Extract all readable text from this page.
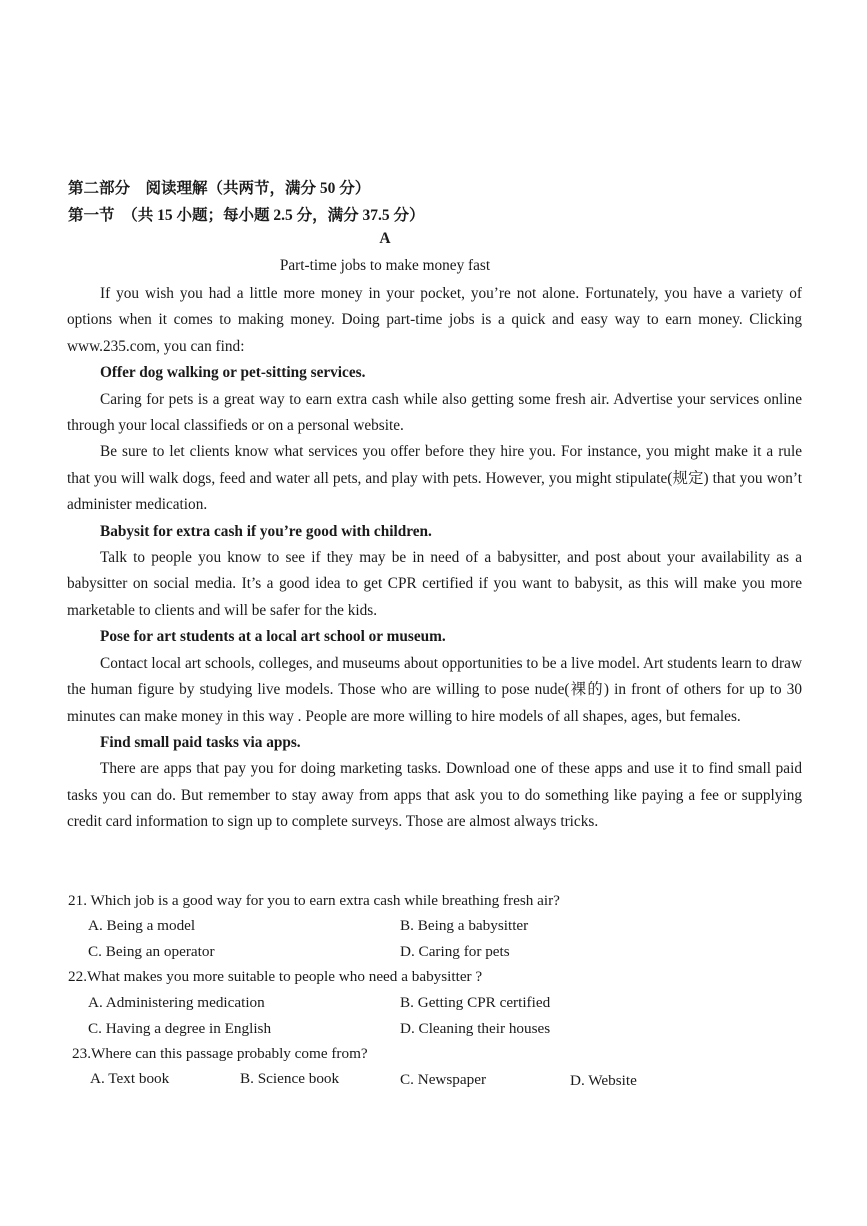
第二部分　阅读理解（共两节，满分 50 分）
第一节　（共 15 小题；每小题 2.5 分，满分 37.5 分）
A
Part-time jobs to make money fast

If you wish you had a little more money in your pocket, you’re not alone. Fortunately, you have a variety of options when it comes to making money. Doing part-time jobs is a quick and easy way to earn money. Clicking www.235.com, you can find:

Offer dog walking or pet-sitting services.

Caring for pets is a great way to earn extra cash while also getting some fresh air. Advertise your services online through your local classifieds or on a personal website.

Be sure to let clients know what services you offer before they hire you. For instance, you might make it a rule that you will walk dogs, feed and water all pets, and play with pets. However, you might stipulate(规定) that you won’t administer medication.

Babysit for extra cash if you’re good with children.

Talk to people you know to see if they may be in need of a babysitter, and post about your availability as a babysitter on social media. It’s a good idea to get CPR certified if you want to babysit, as this will make you more marketable to clients and will be safer for the kids.

Pose for art students at a local art school or museum.

Contact local art schools, colleges, and museums about opportunities to be a live model. Art students learn to draw the human figure by studying live models. Those who are willing to pose nude(裸的) in front of others for up to 30 minutes can make money in this way . People are more willing to hire models of all shapes, ages, but females.

Find small paid tasks via apps.

There are apps that pay you for doing marketing tasks. Download one of these apps and use it to find small paid tasks you can do. But remember to stay away from apps that ask you to do something like paying a fee or supplying credit card information to sign up to complete surveys. Those are almost always tricks.

21. Which job is a good way for you to earn extra cash while breathing fresh air?
A. Being a model	B. Being a babysitter
C. Being an operator	D. Caring for pets
22.What makes you more suitable to people who need a babysitter ?
A. Administering medication	B. Getting CPR certified
C. Having a degree in English	D. Cleaning their houses
23.Where can this passage probably come from?
A. Text book	B. Science book	C. Newspaper	D. Website
